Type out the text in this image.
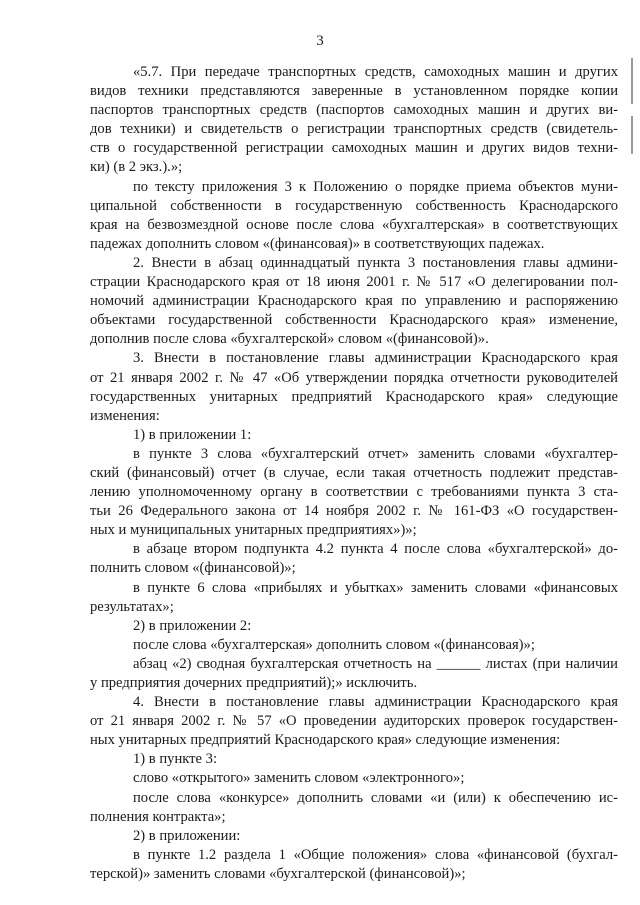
3
«5.7. При передаче транспортных средств, самоходных машин и других
видов техники представляются заверенные в установленном порядке копии
паспортов транспортных средств (паспортов самоходных машин и других ви-
дов техники) и свидетельств о регистрации транспортных средств (свидетель-
ств о государственной регистрации самоходных машин и других видов техни-
ки) (в 2 экз.).»;
по тексту приложения 3 к Положению о порядке приема объектов муни-
ципальной собственности в государственную собственность Краснодарского
края на безвозмездной основе после слова «бухгалтерская» в соответствующих
падежах дополнить словом «(финансовая)» в соответствующих падежах.
2. Внести в абзац одиннадцатый пункта 3 постановления главы админи-
страции Краснодарского края от 18 июня 2001 г. № 517 «О делегировании пол-
номочий администрации Краснодарского края по управлению и распоряжению
объектами государственной собственности Краснодарского края» изменение,
дополнив после слова «бухгалтерской» словом «(финансовой)».
3. Внести в постановление главы администрации Краснодарского края
от 21 января 2002 г. № 47 «Об утверждении порядка отчетности руководителей
государственных унитарных предприятий Краснодарского края» следующие
изменения:
1) в приложении 1:
в пункте 3 слова «бухгалтерский отчет» заменить словами «бухгалтер-
ский (финансовый) отчет (в случае, если такая отчетность подлежит представ-
лению уполномоченному органу в соответствии с требованиями пункта 3 ста-
тьи 26 Федерального закона от 14 ноября 2002 г. № 161-ФЗ «О государствен-
ных и муниципальных унитарных предприятиях»)»;
в абзаце втором подпункта 4.2 пункта 4 после слова «бухгалтерской» до-
полнить словом «(финансовой)»;
в пункте 6 слова «прибылях и убытках» заменить словами «финансовых
результатах»;
2) в приложении 2:
после слова «бухгалтерская» дополнить словом «(финансовая)»;
абзац «2) сводная бухгалтерская отчетность на ______ листах (при наличии
у предприятия дочерних предприятий);» исключить.
4. Внести в постановление главы администрации Краснодарского края
от 21 января 2002 г. № 57 «О проведении аудиторских проверок государствен-
ных унитарных предприятий Краснодарского края» следующие изменения:
1) в пункте 3:
слово «открытого» заменить словом «электронного»;
после слова «конкурсе» дополнить словами «и (или) к обеспечению ис-
полнения контракта»;
2) в приложении:
в пункте 1.2 раздела 1 «Общие положения» слова «финансовой (бухгал-
терской)» заменить словами «бухгалтерской (финансовой)»;
